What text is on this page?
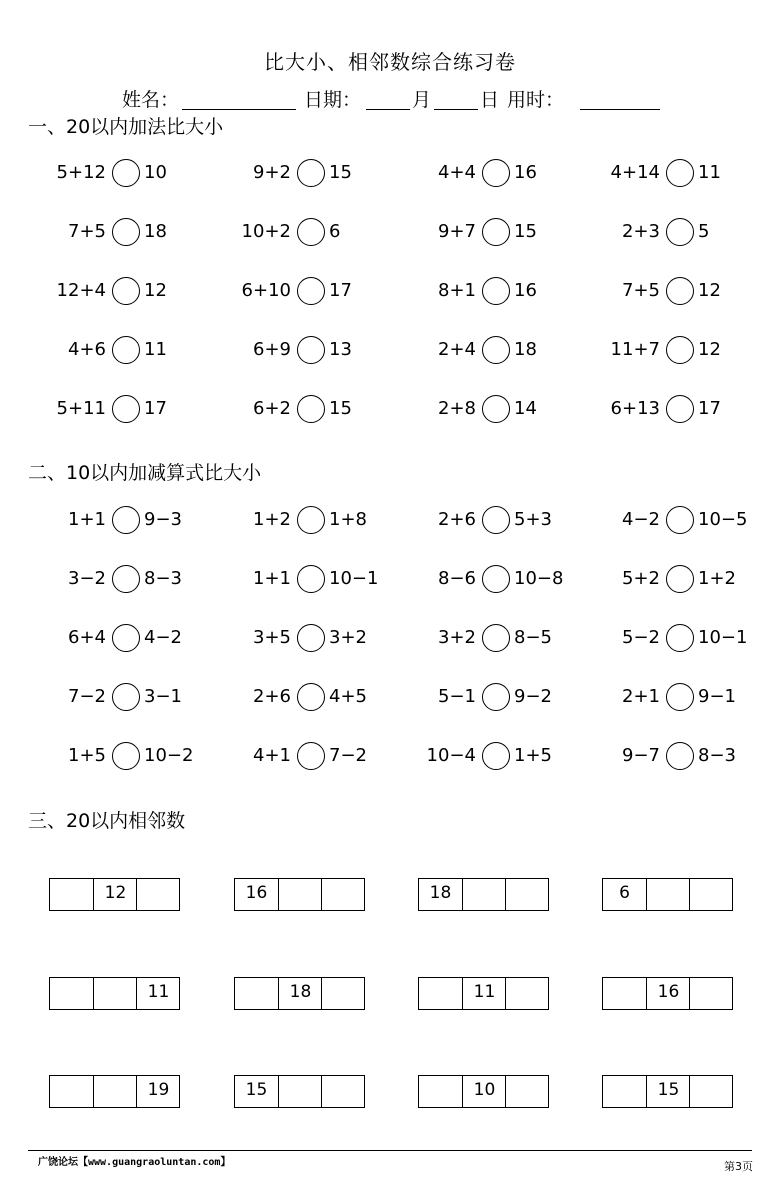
比大小、相邻数综合练习卷
姓名：	日期：	月	日 用时：
一、20以内加法比大小
5+12 10	9+2 15	4+4 16	4+14 11
7+5 18	10+2 6	9+7 15	2+3 5
12+4 12	6+10 17	8+1 16	7+5 12
4+6 11	6+9 13	2+4 18	11+7 12
5+11 17	6+2 15	2+8 14	6+13 17
二、10以内加减算式比大小
1+1 9−3	1+2 1+8	2+6 5+3	4−2 10−5
3−2 8−3	1+1 10−1	8−6 10−8	5+2 1+2
6+4 4−2	3+5 3+2	3+2 8−5	5−2 10−1
7−2 3−1	2+6 4+5	5−1 9−2	2+1 9−1
1+5 10−2	4+1 7−2	10−4 1+5	9−7 8−3
三、20以内相邻数
12	16	18	6
11	18	11	16
19	15	10	15
广饶论坛【www.guangraoluntan.com】	第3页
